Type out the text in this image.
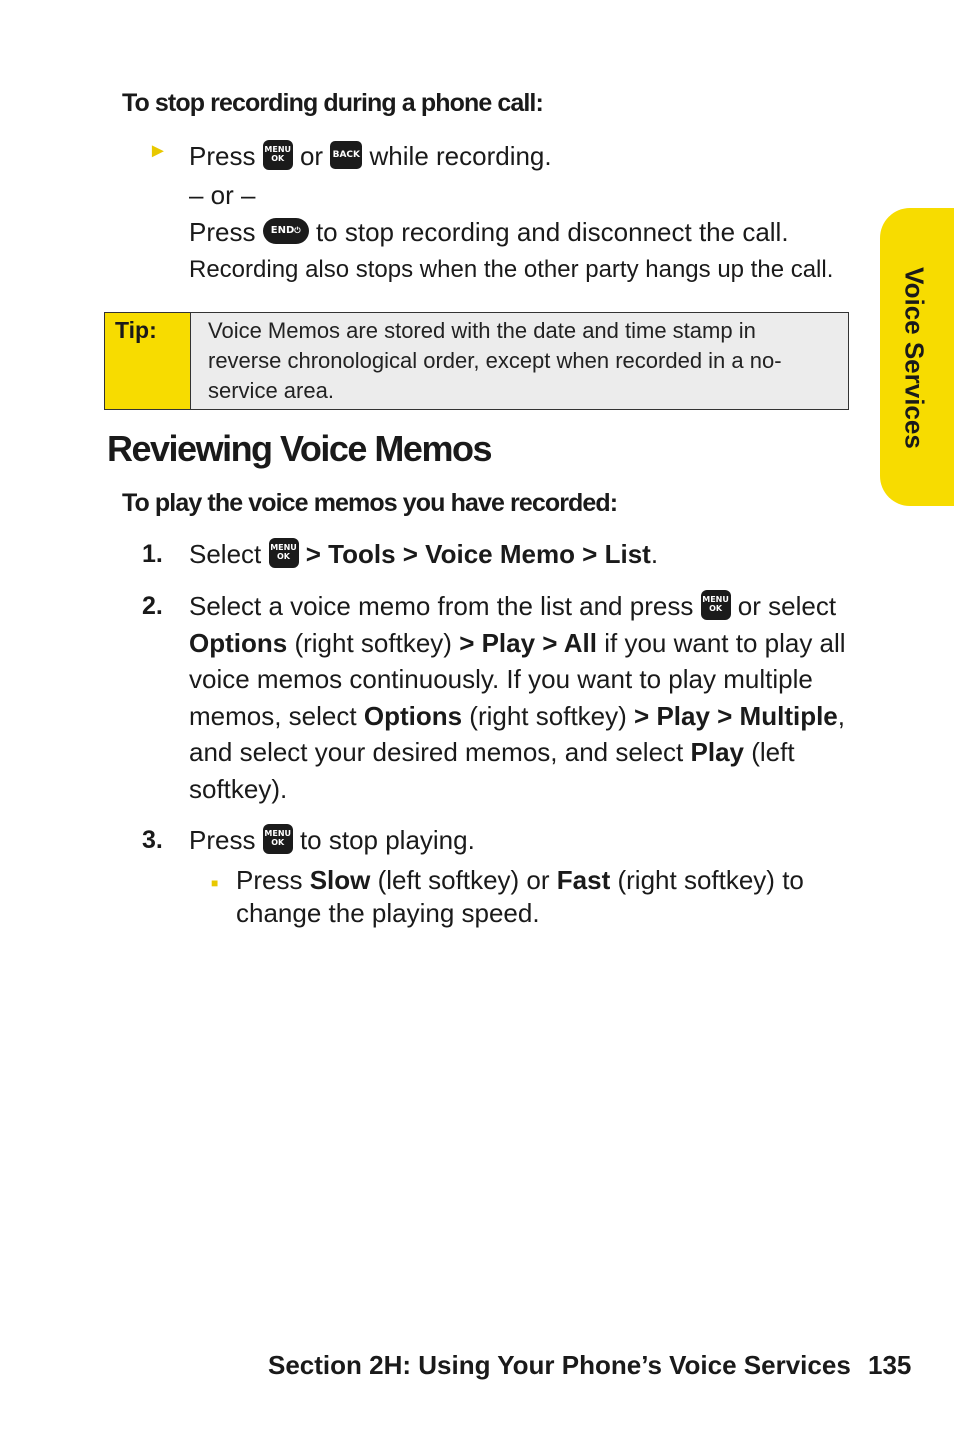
Voice Services
To stop recording during a phone call:
► Press MENU
OK or BACK while recording.
– or –
Press END⏻ to stop recording and disconnect the call.
Recording also stops when the other party hangs up the call.
Tip:	Voice Memos are stored with the date and time stamp in reverse chronological order, except when recorded in a no-service area.
Reviewing Voice Memos
To play the voice memos you have recorded:
1. Select MENU
OK > Tools > Voice Memo > List.
2. Select a voice memo from the list and press MENU
OK or select Options (right softkey) > Play > All if you want to play all voice memos continuously. If you want to play multiple memos, select Options (right softkey) > Play > Multiple, and select your desired memos, and select Play (left softkey).
3. Press MENU
OK to stop playing.
■ Press Slow (left softkey) or Fast (right softkey) to change the playing speed.
Section 2H: Using Your Phone’s Voice Services 135
